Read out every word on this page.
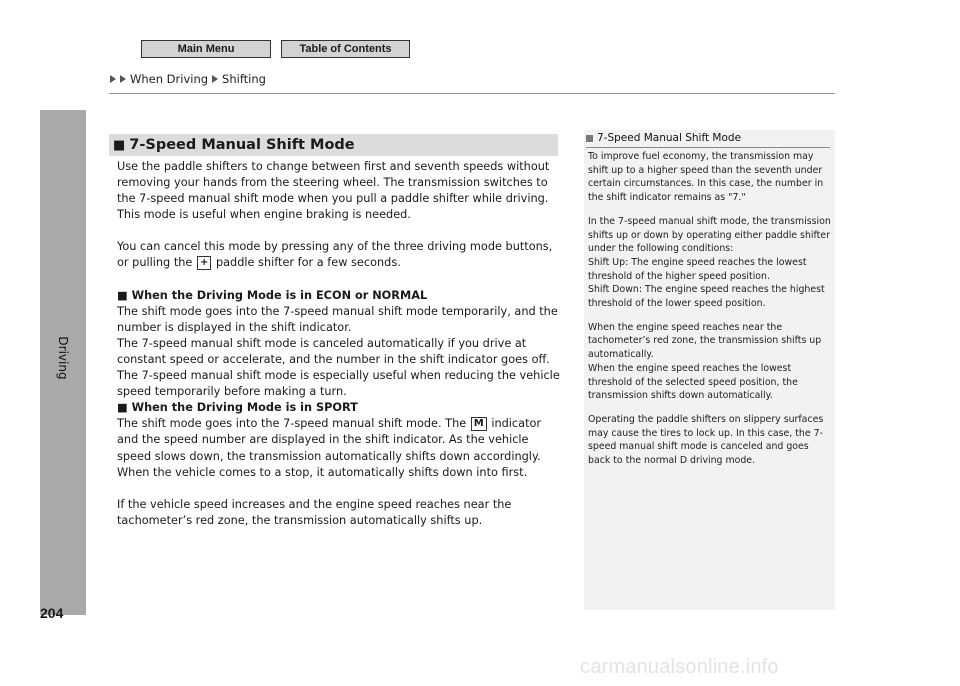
Main Menu	Table of Contents
When Driving Shifting
Driving
204
■ 7-Speed Manual Shift Mode

Use the paddle shifters to change between first and seventh speeds without removing your hands from the steering wheel. The transmission switches to the 7-speed manual shift mode when you pull a paddle shifter while driving. This mode is useful when engine braking is needed.

You can cancel this mode by pressing any of the three driving mode buttons, or pulling the + paddle shifter for a few seconds.

■ When the Driving Mode is in ECON or NORMAL

The shift mode goes into the 7-speed manual shift mode temporarily, and the number is displayed in the shift indicator.

The 7-speed manual shift mode is canceled automatically if you drive at constant speed or accelerate, and the number in the shift indicator goes off.

The 7-speed manual shift mode is especially useful when reducing the vehicle speed temporarily before making a turn.

■ When the Driving Mode is in SPORT

The shift mode goes into the 7-speed manual shift mode. The M indicator and the speed number are displayed in the shift indicator. As the vehicle speed slows down, the transmission automatically shifts down accordingly. When the vehicle comes to a stop, it automatically shifts down into first.

If the vehicle speed increases and the engine speed reaches near the tachometer’s red zone, the transmission automatically shifts up.

7-Speed Manual Shift Mode

To improve fuel economy, the transmission may shift up to a higher speed than the seventh under certain circumstances. In this case, the number in the shift indicator remains as "7."

In the 7-speed manual shift mode, the transmission shifts up or down by operating either paddle shifter under the following conditions:

Shift Up: The engine speed reaches the lowest threshold of the higher speed position.

Shift Down: The engine speed reaches the highest threshold of the lower speed position.

When the engine speed reaches near the tachometer’s red zone, the transmission shifts up automatically.

When the engine speed reaches the lowest threshold of the selected speed position, the transmission shifts down automatically.

Operating the paddle shifters on slippery surfaces may cause the tires to lock up. In this case, the 7-speed manual shift mode is canceled and goes back to the normal D driving mode.

carmanualsonline.info
